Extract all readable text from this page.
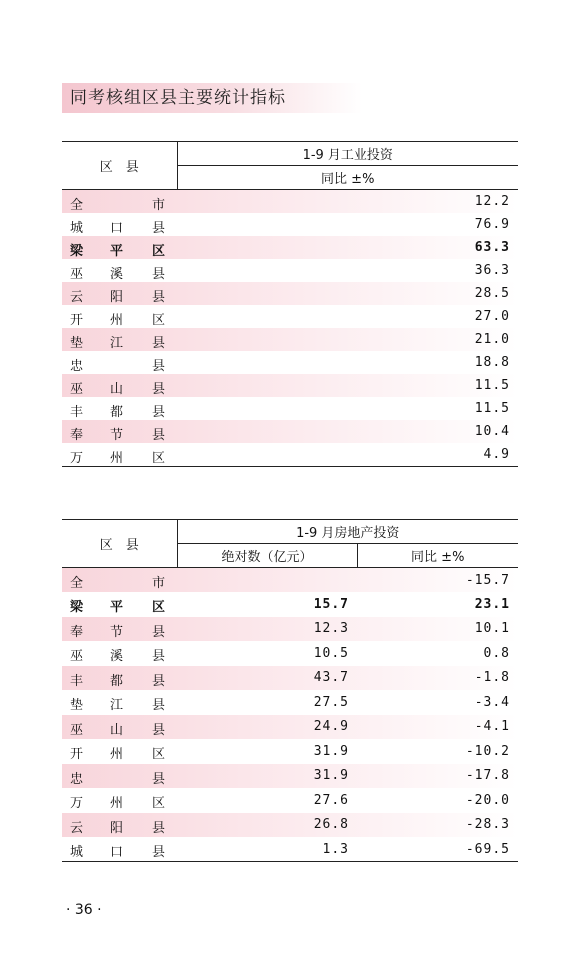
同考核组区县主要统计指标
区　县	1-9 月工业投资
	同比 ±%

全 市	12.2

城 口 县	76.9

梁 平 区	63.3

巫 溪 县	36.3

云 阳 县	28.5

开 州 区	27.0

垫 江 县	21.0

忠 县	18.8

巫 山 县	11.5

丰 都 县	11.5

奉 节 县	10.4

万 州 区	4.9
区　县	1-9 月房地产投资	
	绝对数（亿元）	同比 ±%

全 市		-15.7

梁 平 区	15.7	23.1

奉 节 县	12.3	10.1

巫 溪 县	10.5	0.8

丰 都 县	43.7	-1.8

垫 江 县	27.5	-3.4

巫 山 县	24.9	-4.1

开 州 区	31.9	-10.2

忠 县	31.9	-17.8

万 州 区	27.6	-20.0

云 阳 县	26.8	-28.3

城 口 县	1.3	-69.5
· 36 ·
